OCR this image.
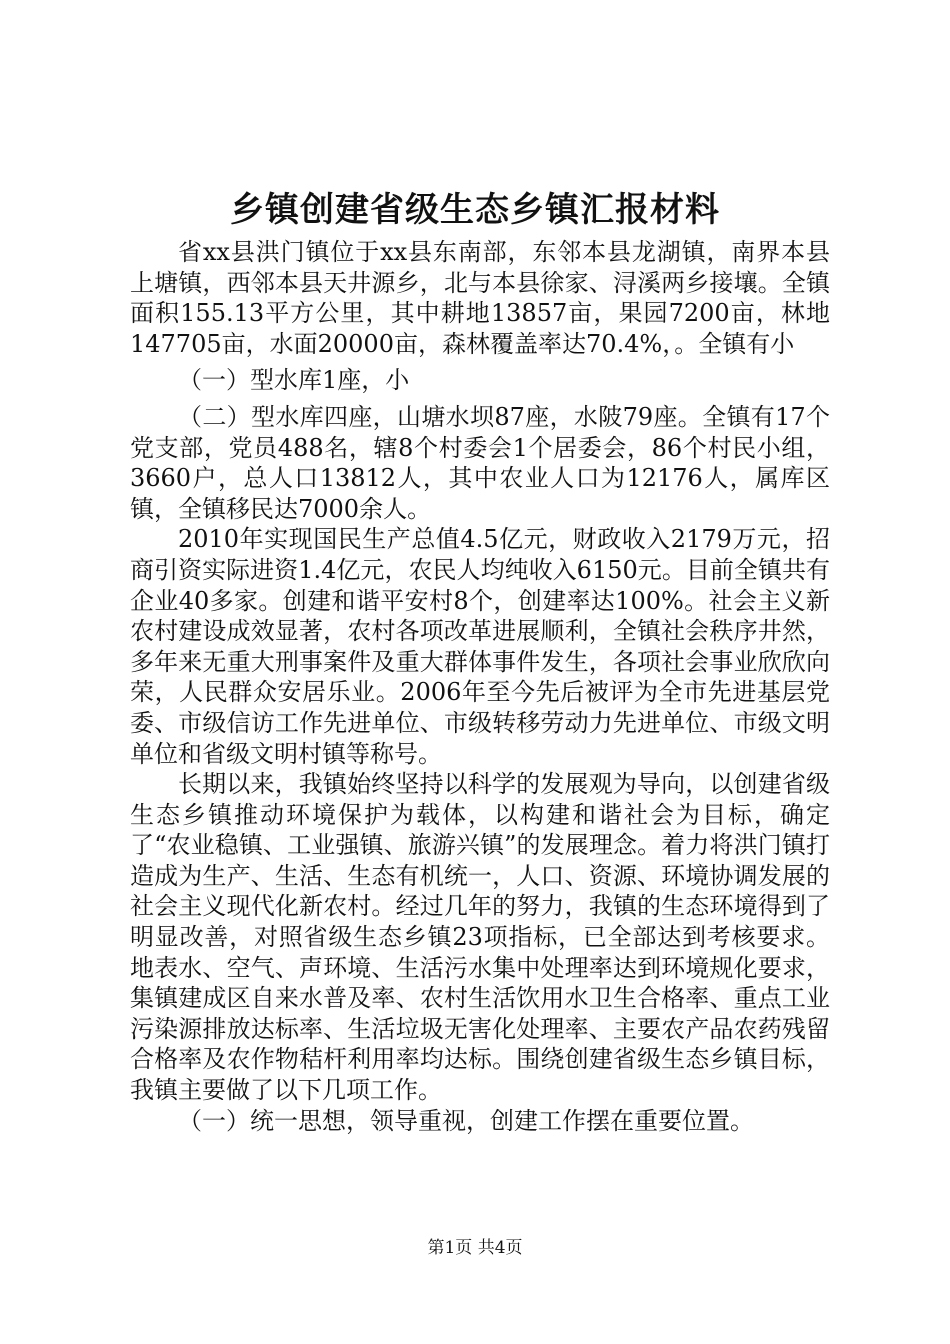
乡镇创建省级生态乡镇汇报材料

省xx县洪门镇位于xx县东南部，东邻本县龙湖镇，南界本县上塘镇，西邻本县天井源乡，北与本县徐家、浔溪两乡接壤。全镇面积155.13平方公里，其中耕地13857亩，果园7200亩，林地147705亩，水面20000亩，森林覆盖率达70.4%，。全镇有小

（一）型水库1座，小

（二）型水库四座，山塘水坝87座，水陂79座。全镇有17个党支部，党员488名，辖8个村委会1个居委会，86个村民小组，3660户，总人口13812人，其中农业人口为12176人，属库区镇，全镇移民达7000余人。

2010年实现国民生产总值4.5亿元，财政收入2179万元，招商引资实际进资1.4亿元，农民人均纯收入6150元。目前全镇共有企业40多家。创建和谐平安村8个，创建率达100%。社会主义新农村建设成效显著，农村各项改革进展顺利，全镇社会秩序井然，多年来无重大刑事案件及重大群体事件发生，各项社会事业欣欣向荣，人民群众安居乐业。2006年至今先后被评为全市先进基层党委、市级信访工作先进单位、市级转移劳动力先进单位、市级文明单位和省级文明村镇等称号。

长期以来，我镇始终坚持以科学的发展观为导向，以创建省级生态乡镇推动环境保护为载体，以构建和谐社会为目标，确定了“农业稳镇、工业强镇、旅游兴镇”的发展理念。着力将洪门镇打造成为生产、生活、生态有机统一，人口、资源、环境协调发展的社会主义现代化新农村。经过几年的努力，我镇的生态环境得到了明显改善，对照省级生态乡镇23项指标，已全部达到考核要求。地表水、空气、声环境、生活污水集中处理率达到环境规化要求，集镇建成区自来水普及率、农村生活饮用水卫生合格率、重点工业污染源排放达标率、生活垃圾无害化处理率、主要农产品农药残留合格率及农作物秸杆利用率均达标。围绕创建省级生态乡镇目标，我镇主要做了以下几项工作。

（一）统一思想，领导重视，创建工作摆在重要位置。

第1页 共4页
